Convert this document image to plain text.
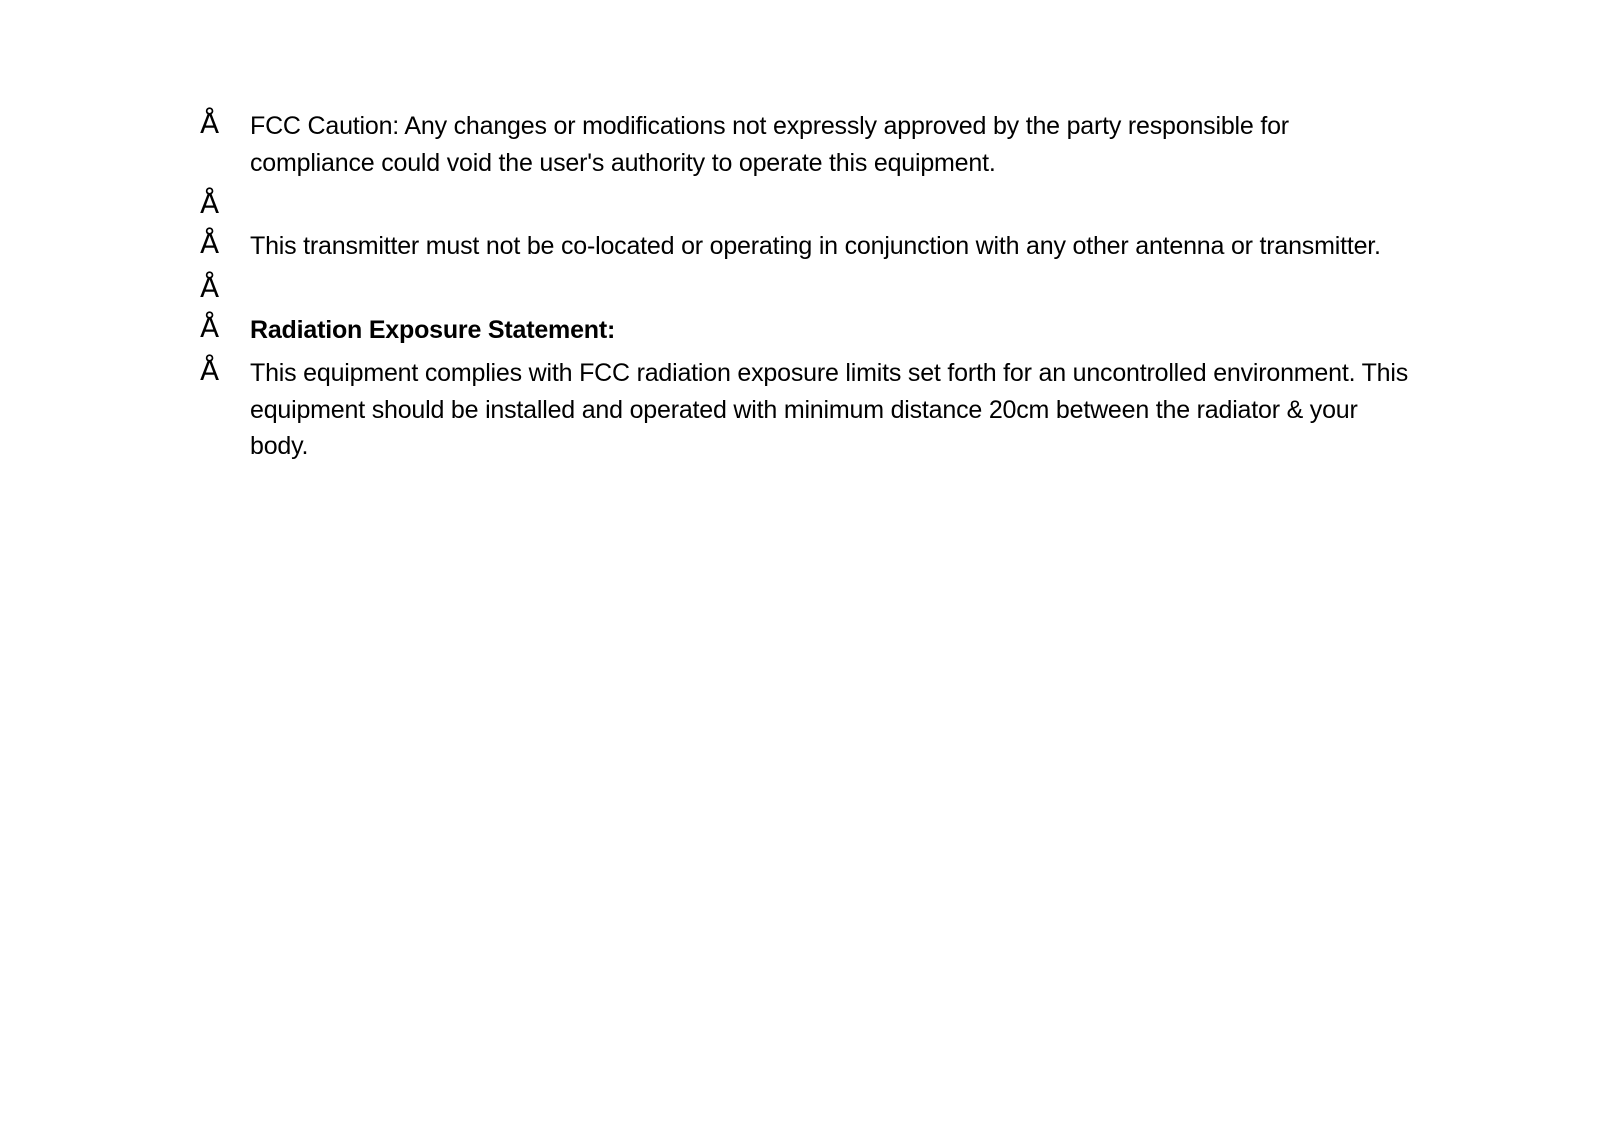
Å	FCC Caution: Any changes or modifications not expressly approved by the party responsible for compliance could void the user's authority to operate this equipment.
Å
Å	This transmitter must not be co-located or operating in conjunction with any other antenna or transmitter.
Å
Å	Radiation Exposure Statement:
Å	This equipment complies with FCC radiation exposure limits set forth for an uncontrolled environment. This equipment should be installed and operated with minimum distance 20cm between the radiator & your body.
